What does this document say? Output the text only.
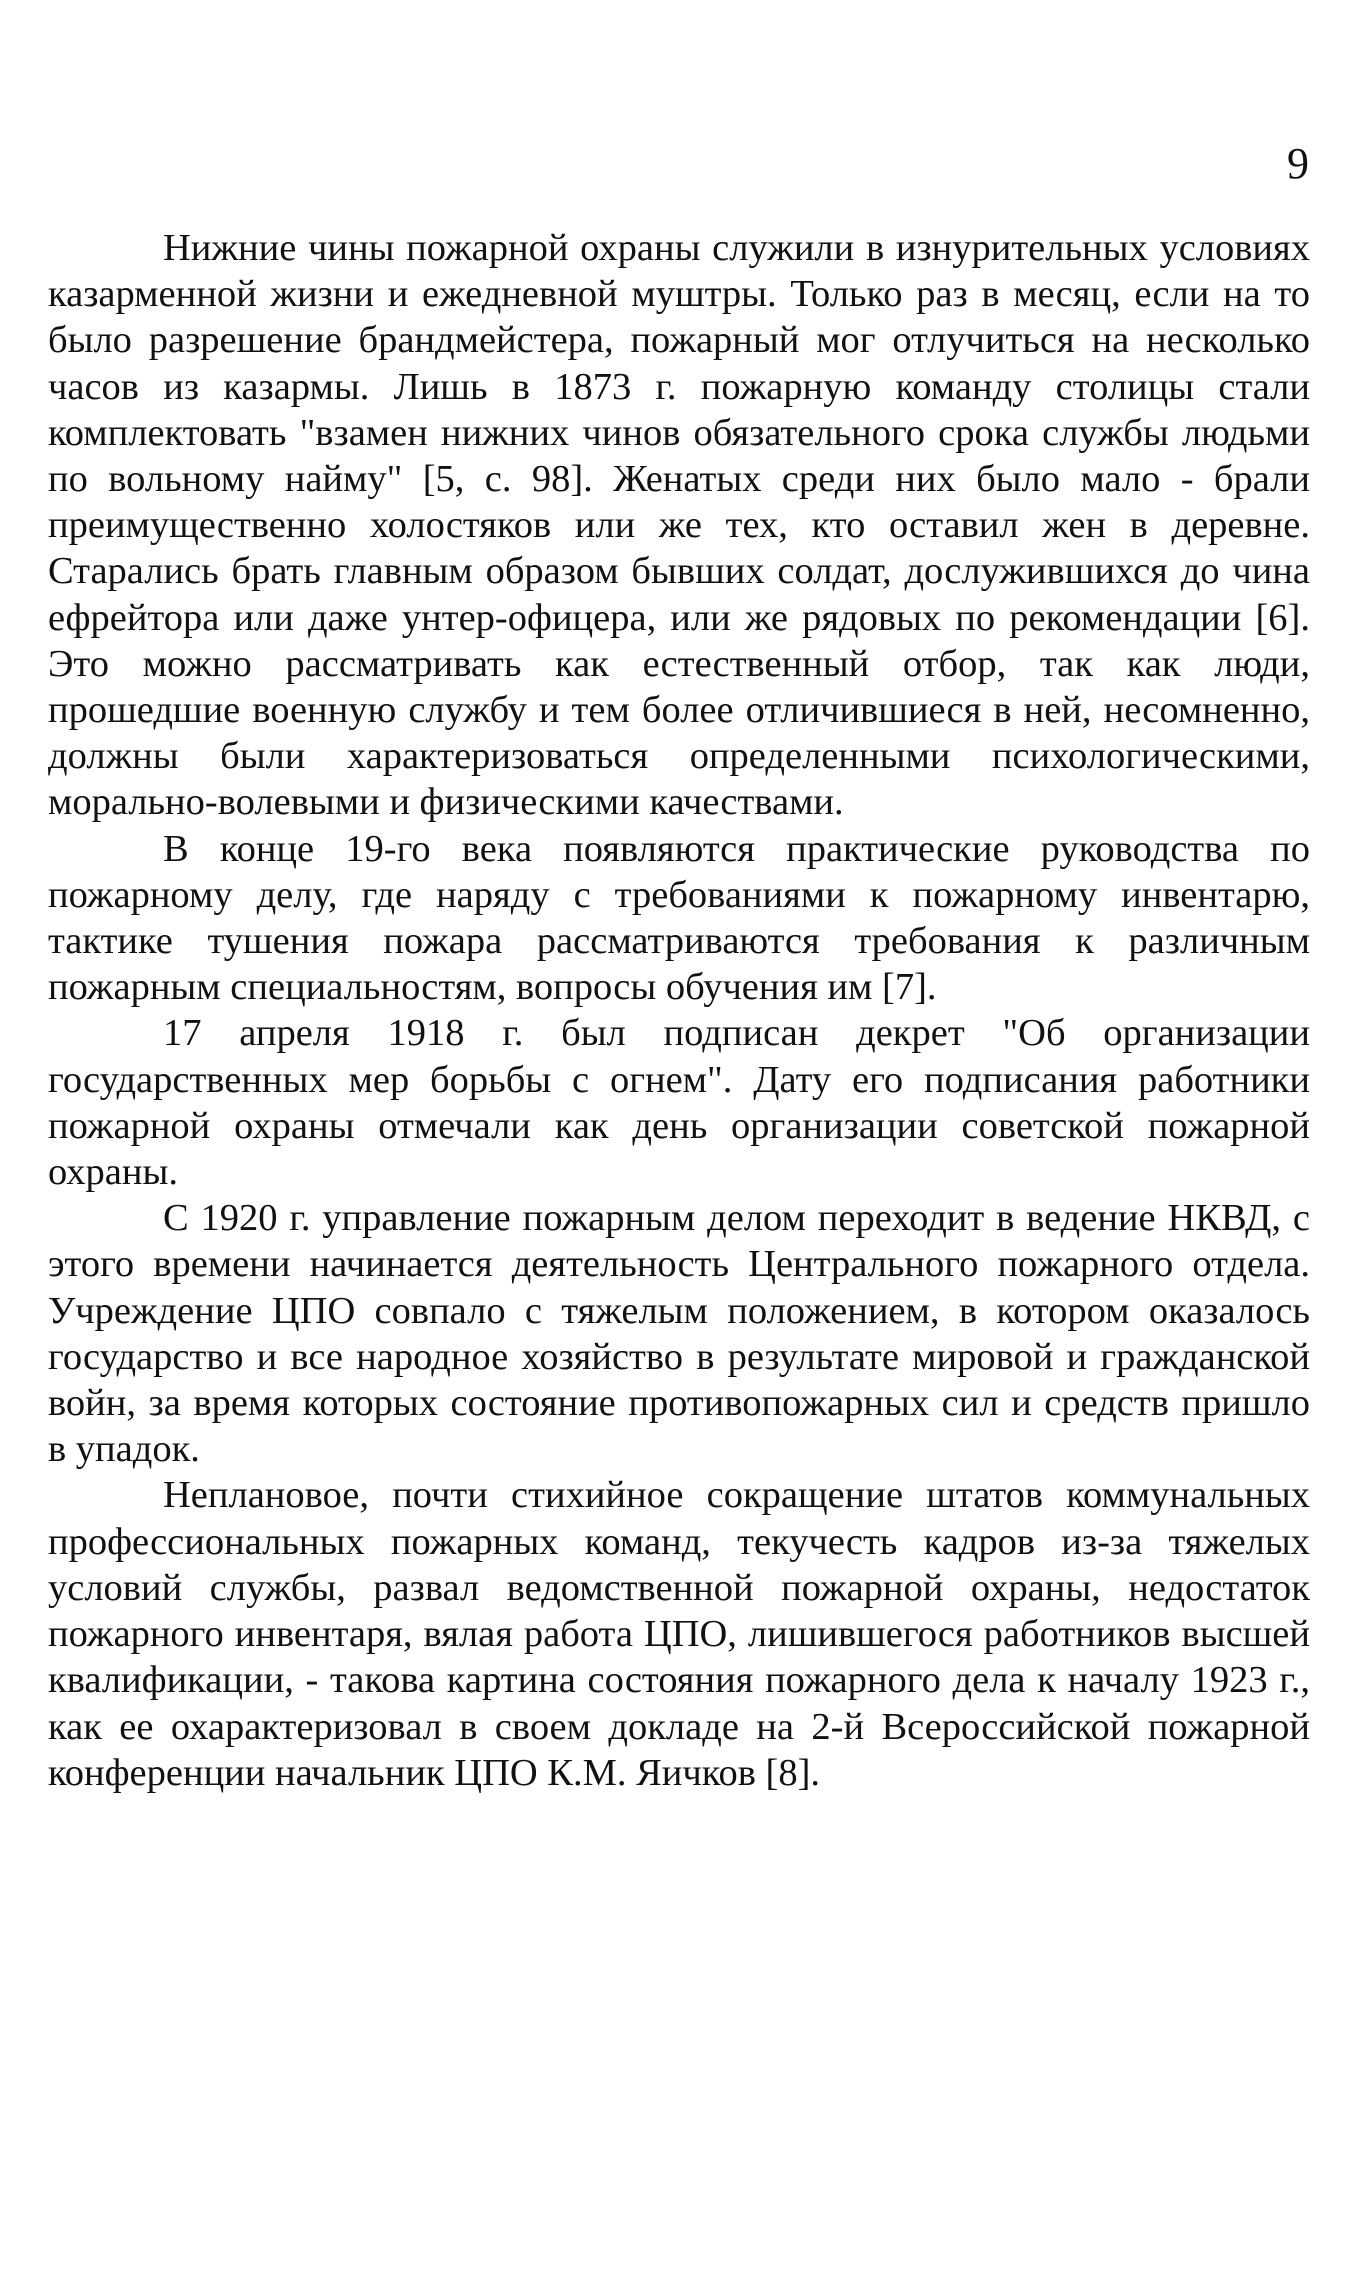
9

Нижние чины пожарной охраны служили в изнурительных условиях казарменной жизни и ежедневной муштры. Только раз в месяц, если на то было разрешение брандмейстера, пожарный мог отлучиться на несколько часов из казармы. Лишь в 1873 г. пожарную команду столицы стали комплектовать "взамен нижних чинов обязательного срока службы людьми по вольному найму" [5, с. 98]. Женатых среди них было мало - брали преимущественно холостяков или же тех, кто оставил жен в деревне. Старались брать главным образом бывших солдат, дослужившихся до чина ефрейтора или даже унтер-офицера, или же рядовых по рекомендации [6]. Это можно рассматривать как естественный отбор, так как люди, прошедшие военную службу и тем более отличившиеся в ней, несомненно, должны были характеризоваться определенными психологическими, морально-волевыми и физическими качествами.

В конце 19-го века появляются практические руководства по пожарному делу, где наряду с требованиями к пожарному инвентарю, тактике тушения пожара рассматриваются требования к различным пожарным специальностям, вопросы обучения им [7].

17 апреля 1918 г. был подписан декрет "Об организации государственных мер борьбы с огнем". Дату его подписания работники пожарной охраны отмечали как день организации советской пожарной охраны.

С 1920 г. управление пожарным делом переходит в ведение НКВД, с этого времени начинается деятельность Центрального пожарного отдела. Учреждение ЦПО совпало с тяжелым положением, в котором оказалось государство и все народное хозяйство в результате мировой и гражданской войн, за время которых состояние противопожарных сил и средств пришло в упадок.

Неплановое, почти стихийное сокращение штатов коммунальных профессиональных пожарных команд, текучесть кадров из-за тяжелых условий службы, развал ведомственной пожарной охраны, недостаток пожарного инвентаря, вялая работа ЦПО, лишившегося работников высшей квалификации, - такова картина состояния пожарного дела к началу 1923 г., как ее охарактеризовал в своем докладе на 2-й Всероссийской пожарной конференции начальник ЦПО К.М. Яичков [8].
